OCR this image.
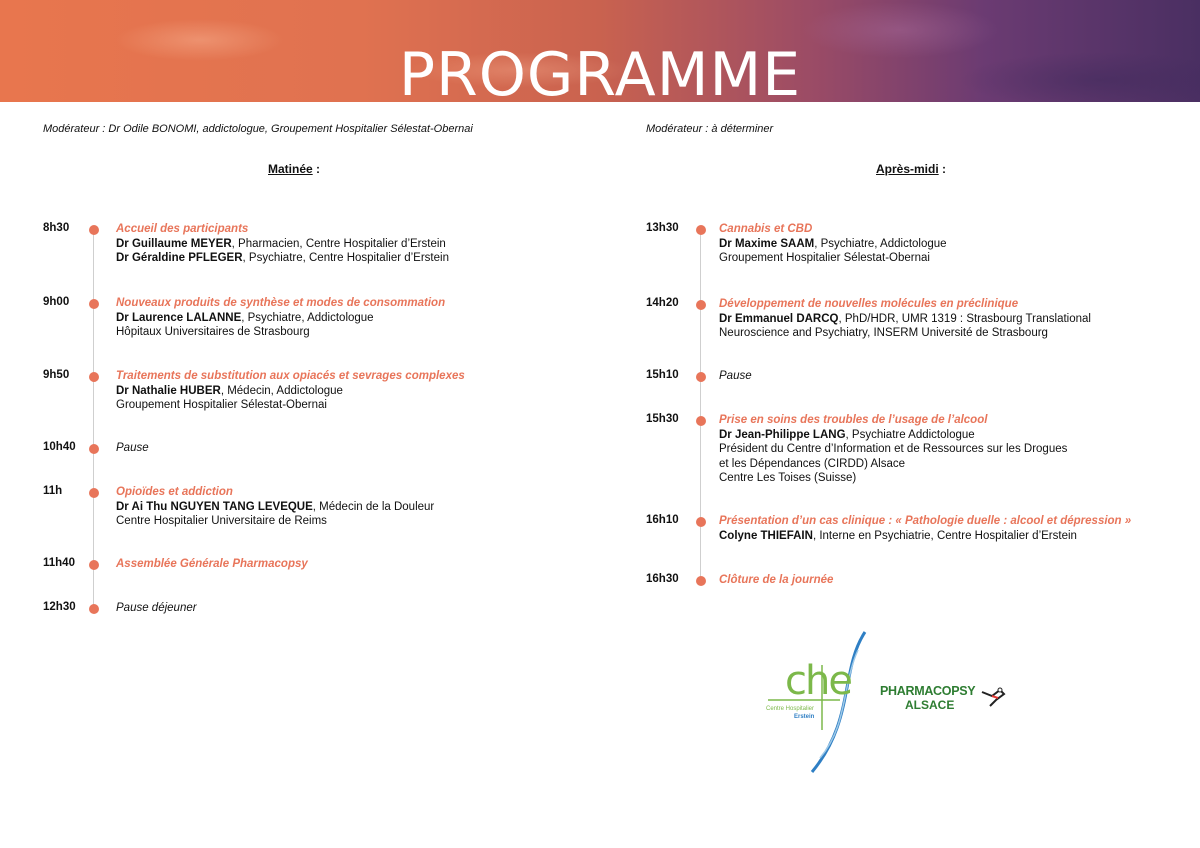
PROGRAMME
Modérateur : Dr Odile BONOMI, addictologue, Groupement Hospitalier Sélestat-Obernai
Matinée :
Modérateur : à déterminer
Après-midi :
8h30	Accueil des participants
Dr Guillaume MEYER, Pharmacien, Centre Hospitalier d’Erstein
Dr Géraldine PFLEGER, Psychiatre, Centre Hospitalier d’Erstein
9h00	Nouveaux produits de synthèse et modes de consommation
Dr Laurence LALANNE, Psychiatre, Addictologue
Hôpitaux Universitaires de Strasbourg
9h50	Traitements de substitution aux opiacés et sevrages complexes
Dr Nathalie HUBER, Médecin, Addictologue
Groupement Hospitalier Sélestat-Obernai
10h40	Pause
11h	Opioïdes et addiction
Dr Ai Thu NGUYEN TANG LEVEQUE, Médecin de la Douleur
Centre Hospitalier Universitaire de Reims
11h40	Assemblée Générale Pharmacopsy
12h30	Pause déjeuner
13h30	Cannabis et CBD
Dr Maxime SAAM, Psychiatre, Addictologue
Groupement Hospitalier Sélestat-Obernai
14h20	Développement de nouvelles molécules en préclinique
Dr Emmanuel DARCQ, PhD/HDR, UMR 1319 : Strasbourg Translational
Neuroscience and Psychiatry, INSERM Université de Strasbourg
15h10	Pause
15h30	Prise en soins des troubles de l’usage de l’alcool
Dr Jean-Philippe LANG, Psychiatre Addictologue
Président du Centre d’Information et de Ressources sur les Drogues
et les Dépendances (CIRDD) Alsace
Centre Les Toises (Suisse)
16h10	Présentation d’un cas clinique : « Pathologie duelle : alcool et dépression »
Colyne THIEFAIN, Interne en Psychiatrie, Centre Hospitalier d’Erstein
16h30	Clôture de la journée
che
Centre Hospitalier
Erstein
PHARMACOPSY
ALSACE
